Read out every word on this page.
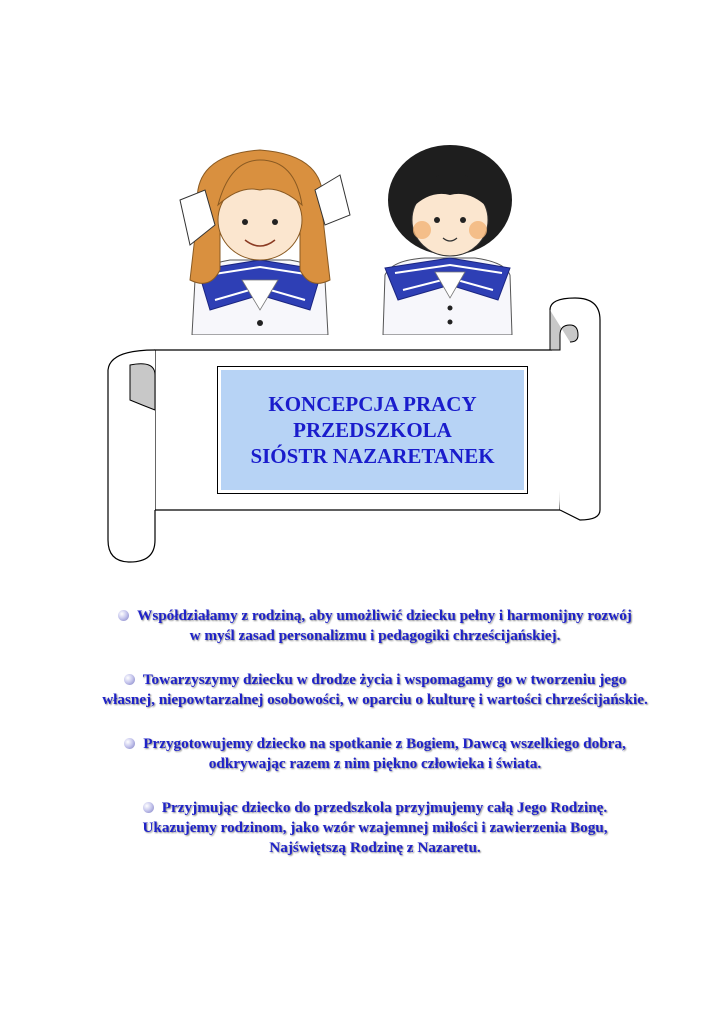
KONCEPCJA PRACY
PRZEDSZKOLA
SIÓSTR NAZARETANEK
Współdziałamy z rodziną, aby umożliwić dziecku pełny i harmonijny rozwój
w myśl zasad personalizmu i pedagogiki chrześcijańskiej.
Towarzyszymy dziecku w drodze życia i wspomagamy go w tworzeniu jego
własnej, niepowtarzalnej osobowości, w oparciu o kulturę i wartości chrześcijańskie.
Przygotowujemy dziecko na spotkanie z Bogiem, Dawcą wszelkiego dobra,
odkrywając razem z nim piękno człowieka i świata.
Przyjmując dziecko do przedszkola przyjmujemy całą Jego Rodzinę.
Ukazujemy rodzinom, jako wzór wzajemnej miłości i zawierzenia Bogu,
Najświętszą Rodzinę z Nazaretu.
